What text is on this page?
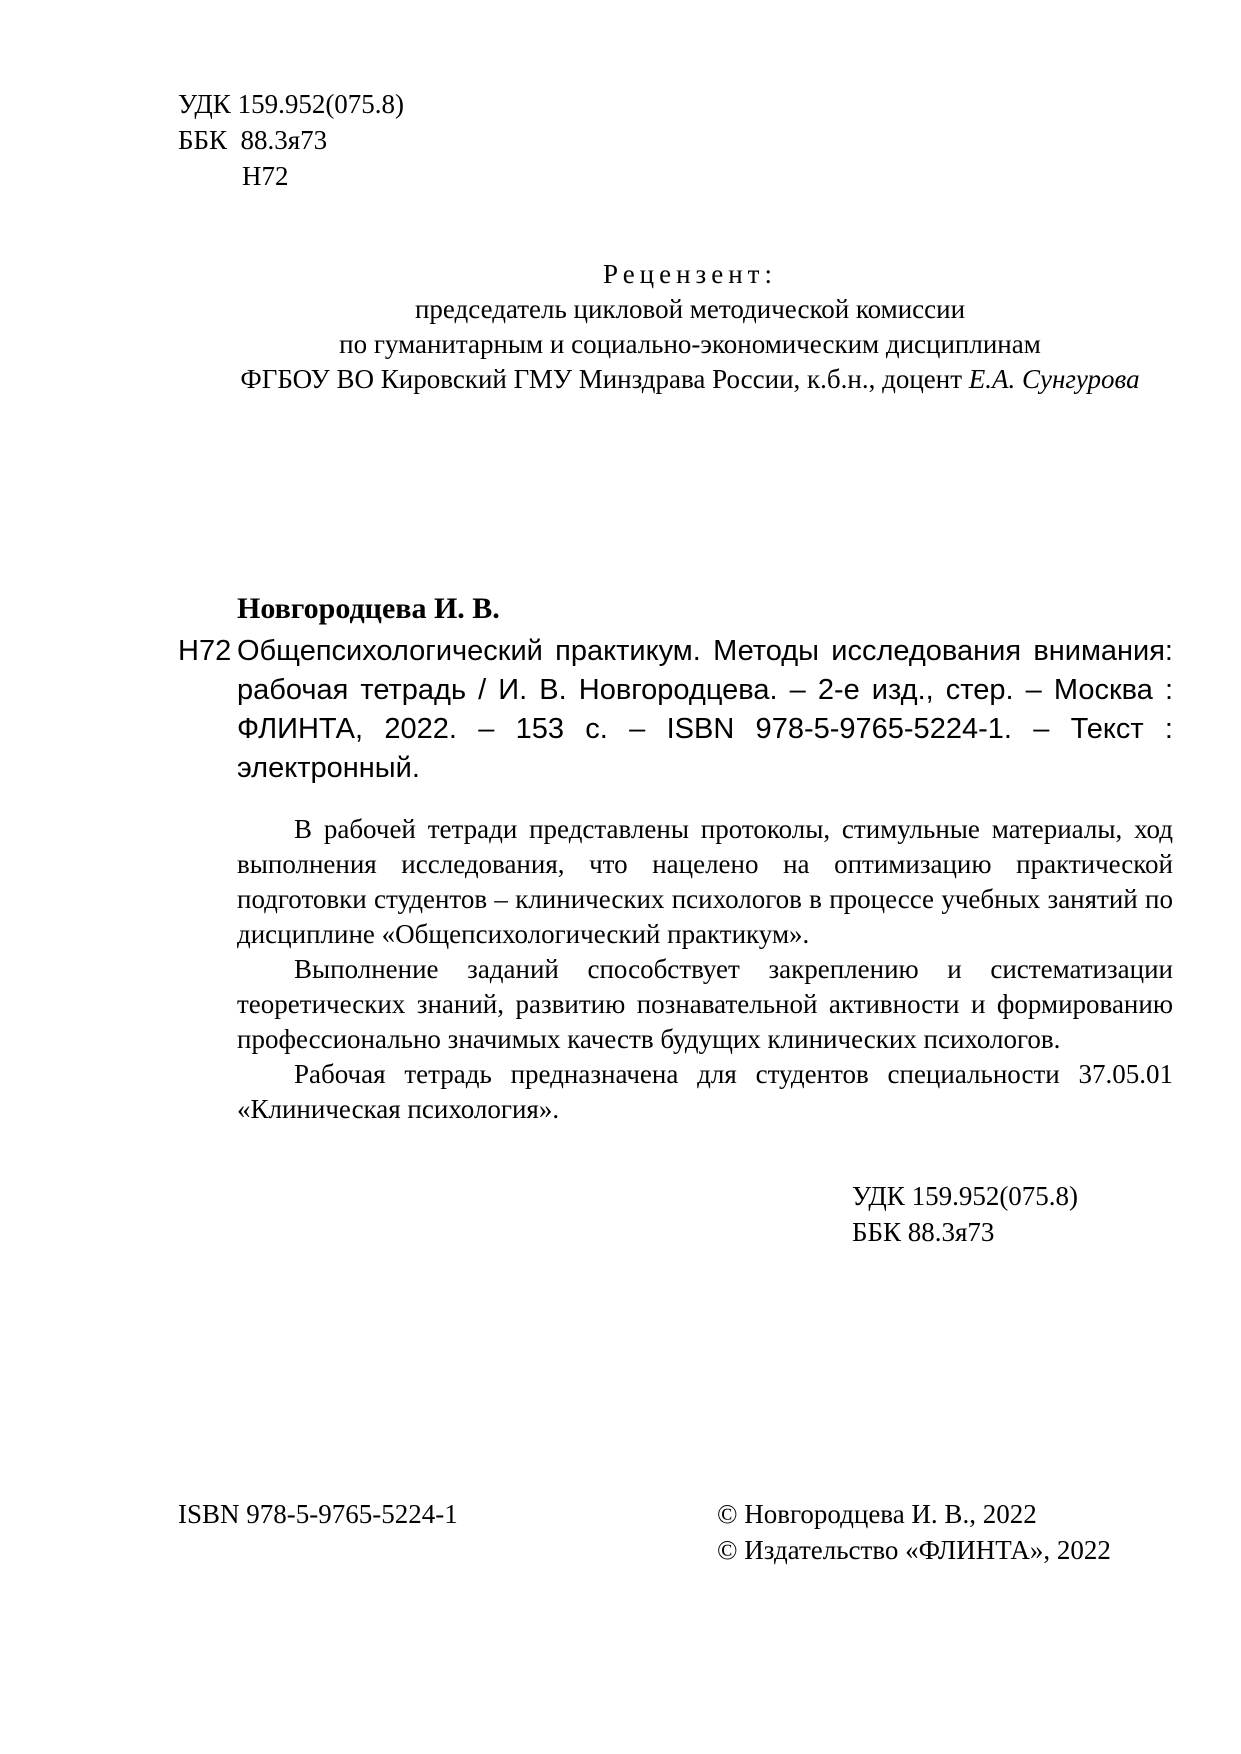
УДК 159.952(075.8)
ББК  88.3я73
Н72
Рецензент:
председатель цикловой методической комиссии
по гуманитарным и социально-экономическим дисциплинам
ФГБОУ ВО Кировский ГМУ Минздрава России, к.б.н., доцент Е.А. Сунгурова
Новгородцева И. В.
Н72 Общепсихологический практикум. Методы исследования внимания: рабочая тетрадь / И. В. Новгородцева. – 2-е изд., стер. – Москва : ФЛИНТА, 2022. – 153 с. – ISBN 978-5-9765-5224-1. – Текст : электронный.

В рабочей тетради представлены протоколы, стимульные материалы, ход выполнения исследования, что нацелено на оптимизацию практической подготовки студентов – клинических психологов в процессе учебных занятий по дисциплине «Общепсихологический практикум».

Выполнение заданий способствует закреплению и систематизации теоретических знаний, развитию познавательной активности и формированию профессионально значимых качеств будущих клинических психологов.

Рабочая тетрадь предназначена для студентов специальности 37.05.01 «Клиническая психология».

УДК 159.952(075.8)
ББК 88.3я73
ISBN 978-5-9765-5224-1	© Новгородцева И. В., 2022
© Издательство «ФЛИНТА», 2022
